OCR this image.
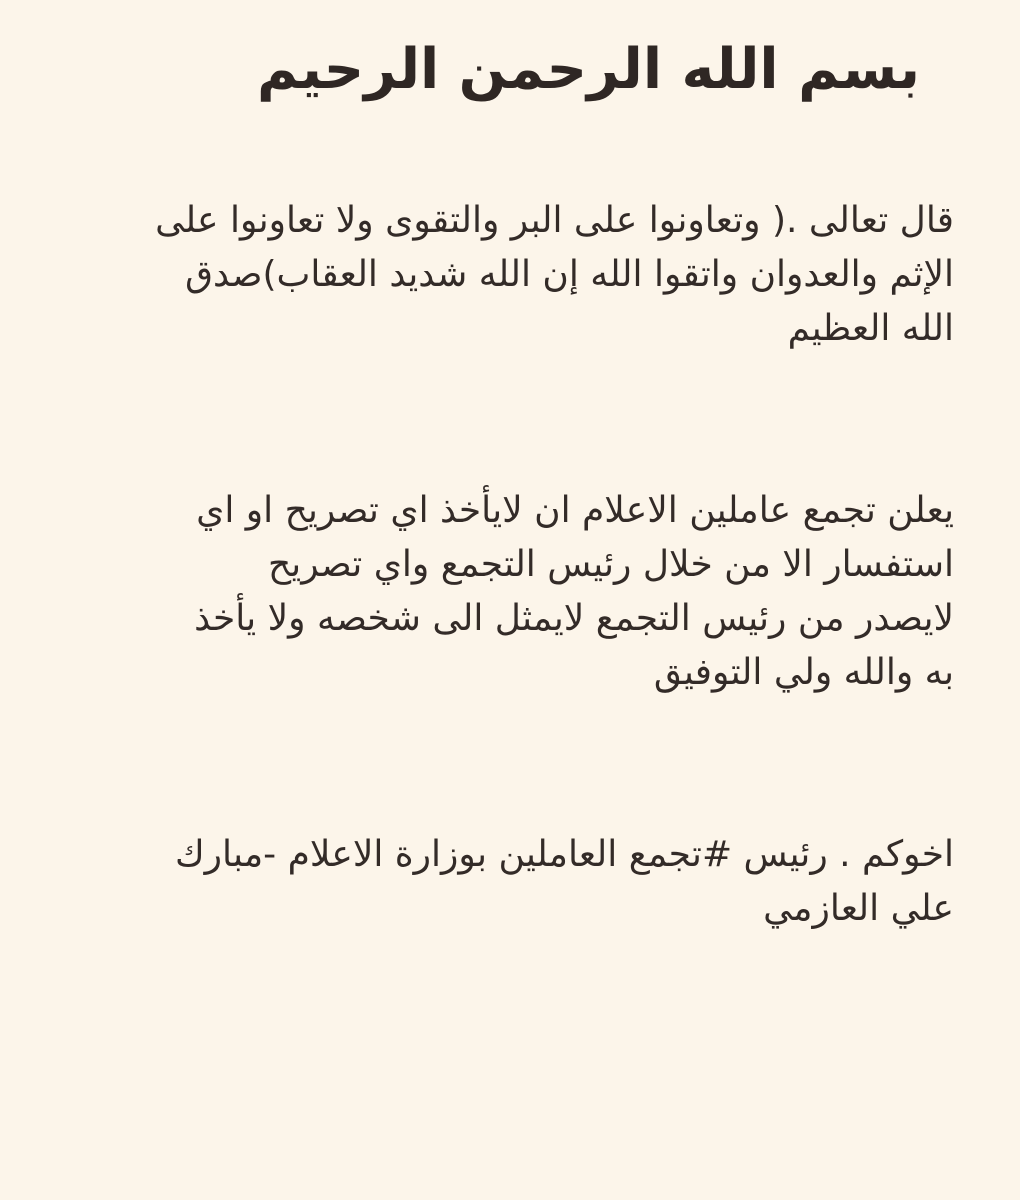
بسم الله الرحمن الرحيم

قال تعالى .( وتعاونوا على البر والتقوى ولا تعاونوا على
الإثم والعدوان واتقوا الله إن الله شديد العقاب)صدق
الله العظيم

يعلن تجمع عاملين الاعلام ان لايأخذ اي تصريح او اي
استفسار الا من خلال رئيس التجمع واي تصريح
لايصدر من رئيس التجمع لايمثل الى شخصه ولا يأخذ
به والله ولي التوفيق

اخوكم . رئيس #تجمع العاملين بوزارة الاعلام -مبارك
علي العازمي
